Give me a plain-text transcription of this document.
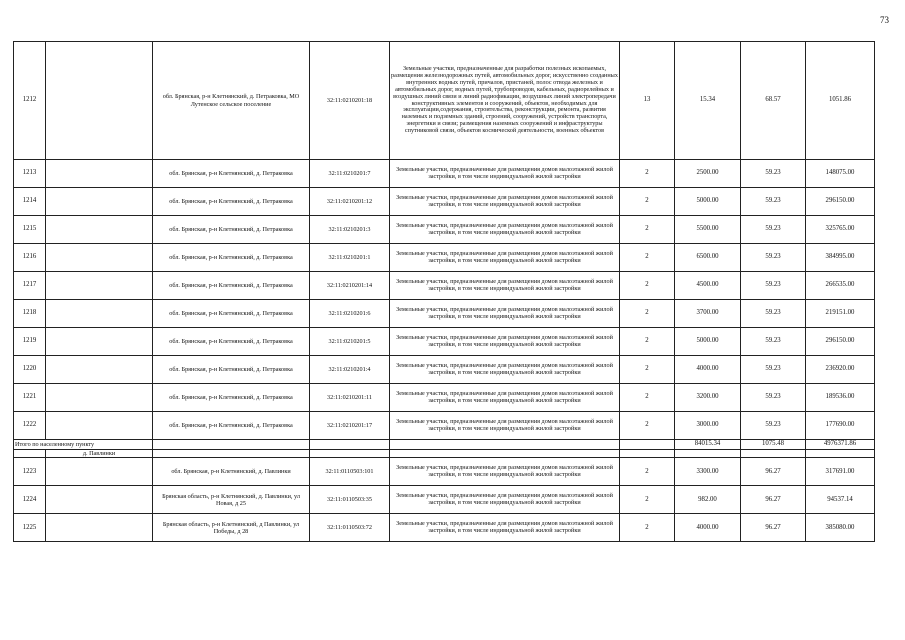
73
1212		обл. Брянская, р-н Клетнянский, д. Петраковка, МО Лутенское сельское поселение	32:11:0210201:18	Земельные участки, предназначенные для разработки полезных ископаемых, размещения железнодорожных путей, автомобильных дорог, искусственно созданных внутренних водных путей, причалов, пристаней, полос отвода железных и автомобильных дорог, водных путей, трубопроводов, кабельных, радиорелейных и воздушных линий связи и линий радиофикации, воздушных линий электропередачи конструктивных элементов и сооружений, объектов, необходимых для эксплуатации,содержания, строительства, реконструкции, ремонта, развития наземных и подземных зданий, строений, сооружений, устройств транспорта, энергетики и связи; размещения наземных сооружений и инфраструктуры спутниковой связи, объектов космической деятельности, военных объектов	13	15.34	68.57	1051.86
1213		обл. Брянская, р-н Клетнянский, д. Петраковка	32:11:0210201:7	Земельные участки, предназначенные для размещения домов малоэтажной жилой застройки, в том числе индивидуальной жилой застройки	2	2500.00	59.23	148075.00
1214		обл. Брянская, р-н Клетнянский, д. Петраковка	32:11:0210201:12	Земельные участки, предназначенные для размещения домов малоэтажной жилой застройки, в том числе индивидуальной жилой застройки	2	5000.00	59.23	296150.00
1215		обл. Брянская, р-н Клетнянский, д. Петраковка	32:11:0210201:3	Земельные участки, предназначенные для размещения домов малоэтажной жилой застройки, в том числе индивидуальной жилой застройки	2	5500.00	59.23	325765.00
1216		обл. Брянская, р-н Клетнянский, д. Петраковка	32:11:0210201:1	Земельные участки, предназначенные для размещения домов малоэтажной жилой застройки, в том числе индивидуальной жилой застройки	2	6500.00	59.23	384995.00
1217		обл. Брянская, р-н Клетнянский, д. Петраковка	32:11:0210201:14	Земельные участки, предназначенные для размещения домов малоэтажной жилой застройки, в том числе индивидуальной жилой застройки	2	4500.00	59.23	266535.00
1218		обл. Брянская, р-н Клетнянский, д. Петраковка	32:11:0210201:6	Земельные участки, предназначенные для размещения домов малоэтажной жилой застройки, в том числе индивидуальной жилой застройки	2	3700.00	59.23	219151.00
1219		обл. Брянская, р-н Клетнянский, д. Петраковка	32:11:0210201:5	Земельные участки, предназначенные для размещения домов малоэтажной жилой застройки, в том числе индивидуальной жилой застройки	2	5000.00	59.23	296150.00
1220		обл. Брянская, р-н Клетнянский, д. Петраковка	32:11:0210201:4	Земельные участки, предназначенные для размещения домов малоэтажной жилой застройки, в том числе индивидуальной жилой застройки	2	4000.00	59.23	236920.00
1221		обл. Брянская, р-н Клетнянский, д. Петраковка	32:11:0210201:11	Земельные участки, предназначенные для размещения домов малоэтажной жилой застройки, в том числе индивидуальной жилой застройки	2	3200.00	59.23	189536.00
1222		обл. Брянская, р-н Клетнянский, д. Петраковка	32:11:0210201:17	Земельные участки, предназначенные для размещения домов малоэтажной жилой застройки, в том числе индивидуальной жилой застройки	2	3000.00	59.23	177690.00
Итого по населенному пункту						84015.34	1075.48	4976371.86
	д. Павлинки							
1223		обл. Брянская, р-н Клетнянский, д. Павлинки	32:11:0110503:101	Земельные участки, предназначенные для размещения домов малоэтажной жилой застройки, в том числе индивидуальной жилой застройки	2	3300.00	96.27	317691.00
1224		Брянская область, р-н Клетнянский, д. Павлинки, ул Новая, д 25	32:11:0110503:35	Земельные участки, предназначенные для размещения домов малоэтажной жилой застройки, в том числе индивидуальной жилой застройки	2	982.00	96.27	94537.14
1225		Брянская область, р-н Клетнянский, д Павлинки, ул Победы, д 28	32:11:0110503:72	Земельные участки, предназначенные для размещения домов малоэтажной жилой застройки, в том числе индивидуальной жилой застройки	2	4000.00	96.27	385080.00
